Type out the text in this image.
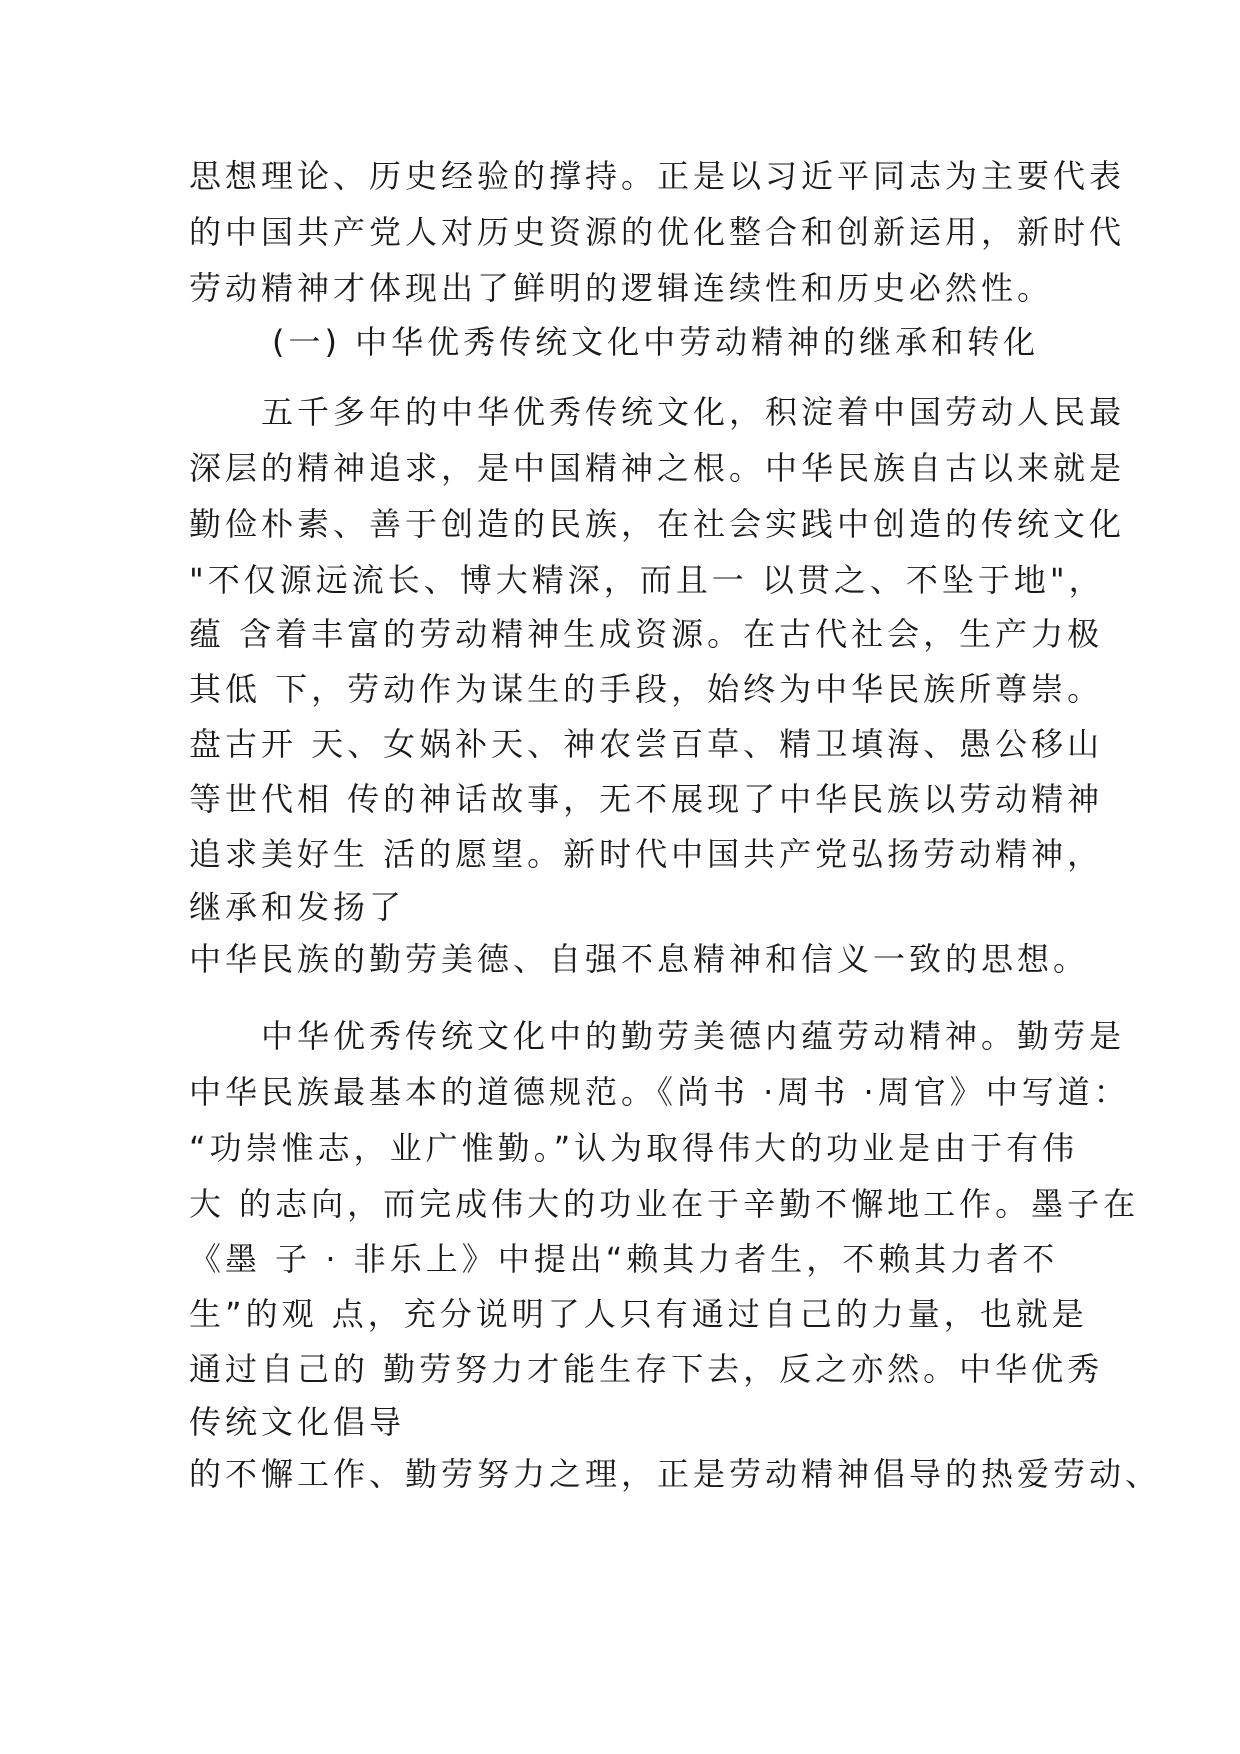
思想理论、历史经验的撑持。正是以习近平同志为主要代表
的中国共产党人对历史资源的优化整合和创新运用，新时代
劳动精神才体现出了鲜明的逻辑连续性和历史必然性。
(一) 中华优秀传统文化中劳动精神的继承和转化
　　五千多年的中华优秀传统文化，积淀着中国劳动人民最
深层的精神追求，是中国精神之根。中华民族自古以来就是
勤俭朴素、善于创造的民族，在社会实践中创造的传统文化
"不仅源远流长、博大精深，而且一 以贯之、不坠于地"，
蕴 含着丰富的劳动精神生成资源。在古代社会，生产力极
其低 下，劳动作为谋生的手段，始终为中华民族所尊崇。
盘古开 天、女娲补天、神农尝百草、精卫填海、愚公移山
等世代相 传的神话故事，无不展现了中华民族以劳动精神
追求美好生 活的愿望。新时代中国共产党弘扬劳动精神，
继承和发扬了
中华民族的勤劳美德、自强不息精神和信义一致的思想。
　　中华优秀传统文化中的勤劳美德内蕴劳动精神。勤劳是
中华民族最基本的道德规范。《尚书 ·周书 ·周官》中写道：
“功崇惟志，业广惟勤。”认为取得伟大的功业是由于有伟
大 的志向，而完成伟大的功业在于辛勤不懈地工作。墨子在
《墨 子 · 非乐上》中提出“赖其力者生，不赖其力者不
生”的观 点，充分说明了人只有通过自己的力量，也就是
通过自己的 勤劳努力才能生存下去，反之亦然。中华优秀
传统文化倡导
的不懈工作、勤劳努力之理，正是劳动精神倡导的热爱劳动、
